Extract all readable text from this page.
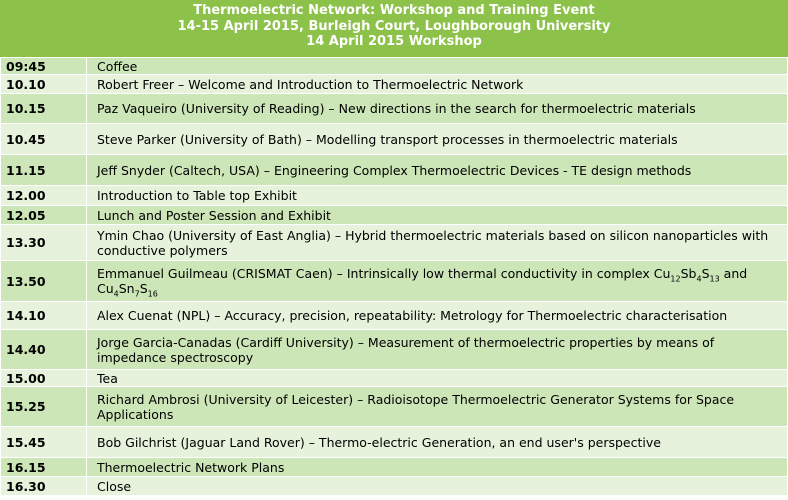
Thermoelectric Network: Workshop and Training Event
14-15 April 2015, Burleigh Court, Loughborough University
14 April 2015 Workshop
09:45	Coffee
10.10	Robert Freer – Welcome and Introduction to Thermoelectric Network
10.15	Paz Vaqueiro (University of Reading) – New directions in the search for thermoelectric materials
10.45	Steve Parker (University of Bath) – Modelling transport processes in thermoelectric materials
11.15	Jeff Snyder (Caltech, USA) – Engineering Complex Thermoelectric Devices - TE design methods
12.00	Introduction to Table top Exhibit
12.05	Lunch and Poster Session and Exhibit
13.30	Ymin Chao (University of East Anglia) – Hybrid thermoelectric materials based on silicon nanoparticles with conductive polymers
13.50	Emmanuel Guilmeau (CRISMAT Caen) – Intrinsically low thermal conductivity in complex $Cu_{12}Sb_4S_{13}$ and $Cu_4Sn_7S_{16}$
14.10	Alex Cuenat (NPL) – Accuracy, precision, repeatability: Metrology for Thermoelectric characterisation
14.40	Jorge Garcia-Canadas (Cardiff University) – Measurement of thermoelectric properties by means of impedance spectroscopy
15.00	Tea
15.25	Richard Ambrosi (University of Leicester) – Radioisotope Thermoelectric Generator Systems for Space Applications
15.45	Bob Gilchrist (Jaguar Land Rover) – Thermo-electric Generation, an end user's perspective
16.15	Thermoelectric Network Plans
16.30	Close
